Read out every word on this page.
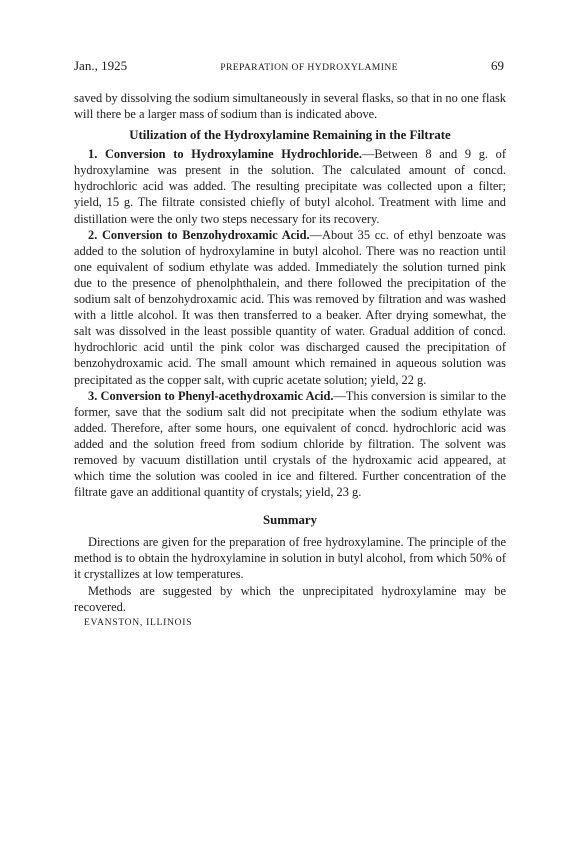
Jan., 1925	PREPARATION OF HYDROXYLAMINE	69

saved by dissolving the sodium simultaneously in several flasks, so that in no one flask will there be a larger mass of sodium than is indicated above.

Utilization of the Hydroxylamine Remaining in the Filtrate

1. Conversion to Hydroxylamine Hydrochloride.—Between 8 and 9 g. of hydroxylamine was present in the solution. The calculated amount of concd. hydrochloric acid was added. The resulting precipitate was collected upon a filter; yield, 15 g. The filtrate consisted chiefly of butyl alcohol. Treatment with lime and distillation were the only two steps necessary for its recovery.

2. Conversion to Benzohydroxamic Acid.—About 35 cc. of ethyl benzoate was added to the solution of hydroxylamine in butyl alcohol. There was no reaction until one equivalent of sodium ethylate was added. Immediately the solution turned pink due to the presence of phenolphthalein, and there followed the precipitation of the sodium salt of benzohydroxamic acid. This was removed by filtration and was washed with a little alcohol. It was then transferred to a beaker. After drying somewhat, the salt was dissolved in the least possible quantity of water. Gradual addition of concd. hydrochloric acid until the pink color was discharged caused the precipitation of benzohydroxamic acid. The small amount which remained in aqueous solution was precipitated as the copper salt, with cupric acetate solution; yield, 22 g.

3. Conversion to Phenyl-acethydroxamic Acid.—This conversion is similar to the former, save that the sodium salt did not precipitate when the sodium ethylate was added. Therefore, after some hours, one equivalent of concd. hydrochloric acid was added and the solution freed from sodium chloride by filtration. The solvent was removed by vacuum distillation until crystals of the hydroxamic acid appeared, at which time the solution was cooled in ice and filtered. Further concentration of the filtrate gave an additional quantity of crystals; yield, 23 g.

Summary

Directions are given for the preparation of free hydroxylamine. The principle of the method is to obtain the hydroxylamine in solution in butyl alcohol, from which 50% of it crystallizes at low temperatures.

Methods are suggested by which the unprecipitated hydroxylamine may be recovered.

EVANSTON, ILLINOIS
